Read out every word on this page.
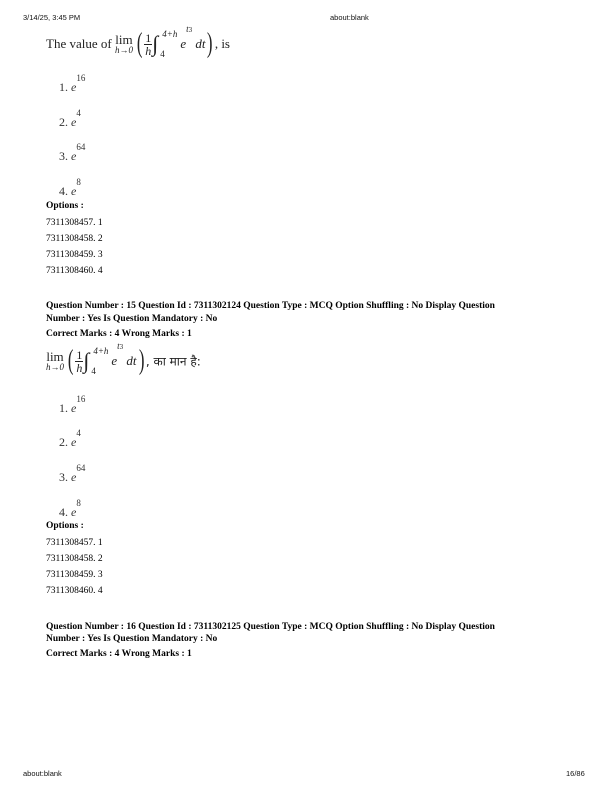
3/14/25, 3:45 PM	about:blank
about:blank	16/86
The value of lim
h→0 ( $\frac{1}{h}$ ∫ 4+h
4
$e^{t3}$ dt) , is
1. $e^{16}$
2. $e^4$
3. $e^{64}$
4. $e^8$
Options :
7311308457. 1
7311308458. 2
7311308459. 3
7311308460. 4
Question Number : 15 Question Id : 7311302124 Question Type : MCQ Option Shuffling : No Display Question
Number : Yes Is Question Mandatory : No
Correct Marks : 4 Wrong Marks : 1
lim
h→0 ( $\frac{1}{h}$ ∫ 4+h
4
$e^{t3}$ dt) , का मान है:
1. $e^{16}$
2. $e^4$
3. $e^{64}$
4. $e^8$
Options :
7311308457. 1
7311308458. 2
7311308459. 3
7311308460. 4
Question Number : 16 Question Id : 7311302125 Question Type : MCQ Option Shuffling : No Display Question
Number : Yes Is Question Mandatory : No
Correct Marks : 4 Wrong Marks : 1
